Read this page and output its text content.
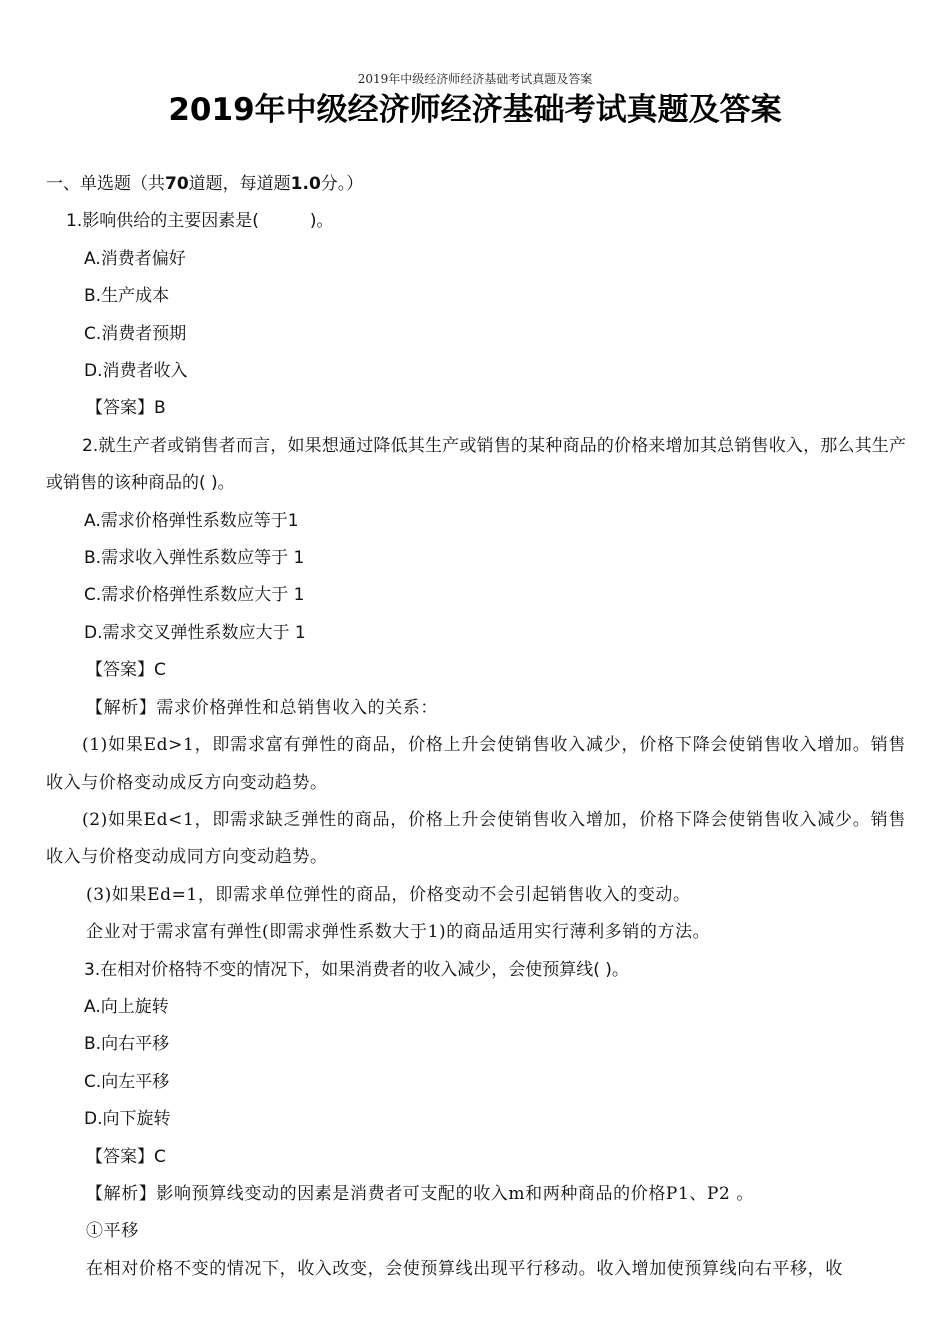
2019年中级经济师经济基础考试真题及答案
2019年中级经济师经济基础考试真题及答案
一、单选题（共70道题，每道题1.0分。）
1.影响供给的主要因素是(　　　)。
A.消费者偏好
B.生产成本
C.消费者预期
D.消费者收入
【答案】B
2.就生产者或销售者而言，如果想通过降低其生产或销售的某种商品的价格来增加其总销售收入，那么其生产或销售的该种商品的( )。
A.需求价格弹性系数应等于1
B.需求收入弹性系数应等于 1
C.需求价格弹性系数应大于 1
D.需求交叉弹性系数应大于 1
【答案】C
【解析】需求价格弹性和总销售收入的关系：
(1)如果Ed>1，即需求富有弹性的商品，价格上升会使销售收入减少，价格下降会使销售收入增加。销售收入与价格变动成反方向变动趋势。
(2)如果Ed<1，即需求缺乏弹性的商品，价格上升会使销售收入增加，价格下降会使销售收入减少。销售收入与价格变动成同方向变动趋势。
(3)如果Ed=1，即需求单位弹性的商品，价格变动不会引起销售收入的变动。
企业对于需求富有弹性(即需求弹性系数大于1)的商品适用实行薄利多销的方法。
3.在相对价格特不变的情况下，如果消费者的收入减少，会使预算线( )。
A.向上旋转
B.向右平移
C.向左平移
D.向下旋转
【答案】C
【解析】影响预算线变动的因素是消费者可支配的收入m和两种商品的价格P1、P2 。
①平移
在相对价格不变的情况下，收入改变，会使预算线出现平行移动。收入增加使预算线向右平移，收
